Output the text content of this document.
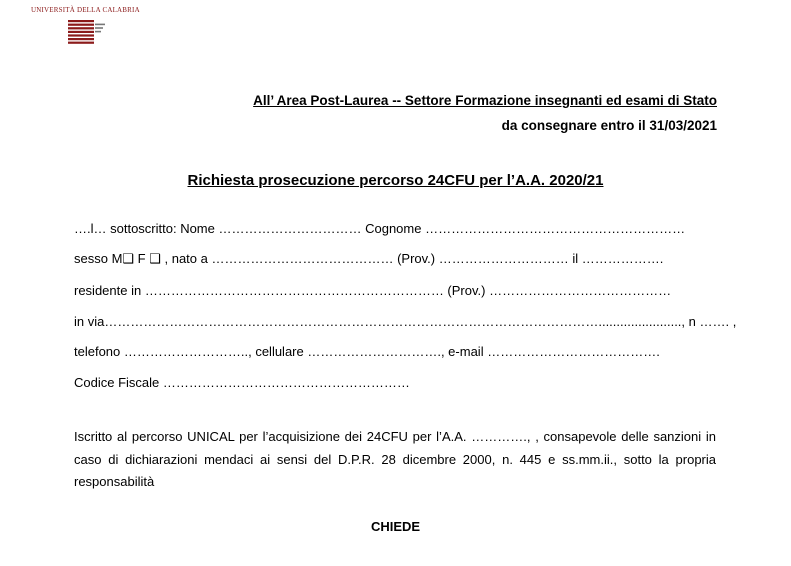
UNIVERSITÀ DELLA CALABRIA
All’ Area Post-Laurea -- Settore Formazione insegnanti ed esami di Stato
da consegnare entro il 31/03/2021
Richiesta prosecuzione percorso 24CFU per l’A.A. 2020/21
….l… sottoscritto: Nome …………………………… Cognome ……………………………………………………
sesso M❑ F ❑ , nato a …………………………………… (Prov.) ………………………… il ……………….
residente in …………………………………………………………… (Prov.) ……………………………………
in via……………………………………………………………………………………………………......................., n ……. ,
telefono ……………………….., cellulare …………………………., e-mail ………………………………….
Codice Fiscale …………………………………………………
Iscritto al percorso UNICAL per l’acquisizione dei 24CFU per l’A.A. …………., , consapevole delle sanzioni in caso di dichiarazioni mendaci ai sensi del D.P.R. 28 dicembre 2000, n. 445 e ss.mm.ii., sotto la propria responsabilità
CHIEDE
